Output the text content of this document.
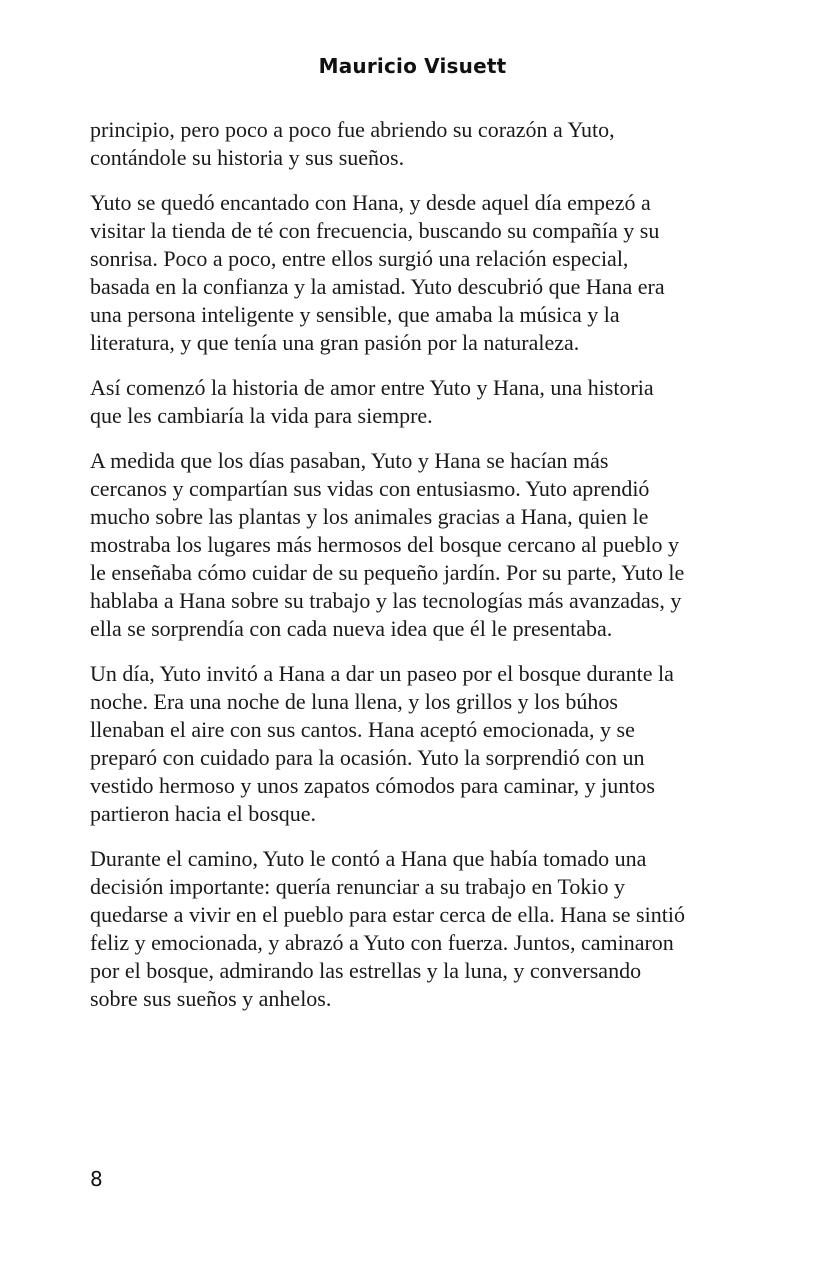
Mauricio Visuett

principio, pero poco a poco fue abriendo su corazón a Yuto, contándole su historia y sus sueños.

Yuto se quedó encantado con Hana, y desde aquel día empezó a visitar la tienda de té con frecuencia, buscando su compañía y su sonrisa. Poco a poco, entre ellos surgió una relación especial, basada en la confianza y la amistad. Yuto descubrió que Hana era una persona inteligente y sensible, que amaba la música y la literatura, y que tenía una gran pasión por la naturaleza.

Así comenzó la historia de amor entre Yuto y Hana, una historia que les cambiaría la vida para siempre.

A medida que los días pasaban, Yuto y Hana se hacían más cercanos y compartían sus vidas con entusiasmo. Yuto aprendió mucho sobre las plantas y los animales gracias a Hana, quien le mostraba los lugares más hermosos del bosque cercano al pueblo y le enseñaba cómo cuidar de su pequeño jardín. Por su parte, Yuto le hablaba a Hana sobre su trabajo y las tecnologías más avanzadas, y ella se sorprendía con cada nueva idea que él le presentaba.

Un día, Yuto invitó a Hana a dar un paseo por el bosque durante la noche. Era una noche de luna llena, y los grillos y los búhos llenaban el aire con sus cantos. Hana aceptó emocionada, y se preparó con cuidado para la ocasión. Yuto la sorprendió con un vestido hermoso y unos zapatos cómodos para caminar, y juntos partieron hacia el bosque.

Durante el camino, Yuto le contó a Hana que había tomado una decisión importante: quería renunciar a su trabajo en Tokio y quedarse a vivir en el pueblo para estar cerca de ella. Hana se sintió feliz y emocionada, y abrazó a Yuto con fuerza. Juntos, caminaron por el bosque, admirando las estrellas y la luna, y conversando sobre sus sueños y anhelos.

8
